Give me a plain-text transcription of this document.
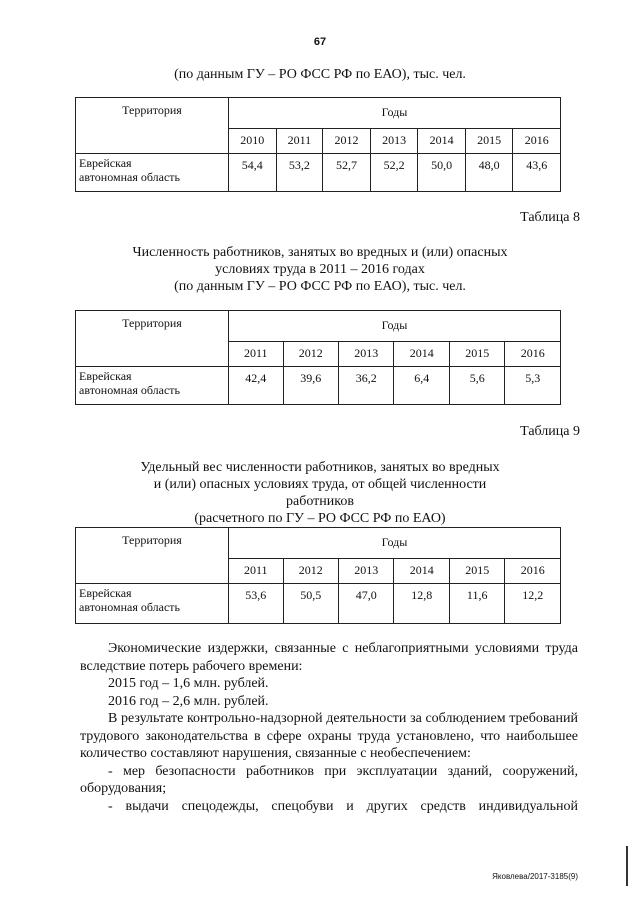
67
(по данным ГУ – РО ФСС РФ по ЕАО), тыс. чел.
Территория	Годы						
	2010	2011	2012	2013	2014	2015	2016
Еврейская
автономная область	54,4	53,2	52,7	52,2	50,0	48,0	43,6
Таблица 8
Численность работников, занятых во вредных и (или) опасных
условиях труда в 2011 – 2016 годах
(по данным ГУ – РО ФСС РФ по ЕАО), тыс. чел.
Территория	Годы					
	2011	2012	2013	2014	2015	2016
Еврейская
автономная область	42,4	39,6	36,2	6,4	5,6	5,3
Таблица 9
Удельный вес численности работников, занятых во вредных
и (или) опасных условиях труда, от общей численности
работников
(расчетного по ГУ – РО ФСС РФ по ЕАО)
Территория	Годы					
	2011	2012	2013	2014	2015	2016
Еврейская
автономная область	53,6	50,5	47,0	12,8	11,6	12,2

Экономические издержки, связанные с неблагоприятными условиями труда вследствие потерь рабочего времени:

2015 год – 1,6 млн. рублей.

2016 год – 2,6 млн. рублей.

В результате контрольно-надзорной деятельности за соблюдением требований трудового законодательства в сфере охраны труда установлено, что наибольшее количество составляют нарушения, связанные с необеспечением:

- мер безопасности работников при эксплуатации зданий, сооружений, оборудования;

- выдачи спецодежды, спецобуви и других средств индивидуальной

Яковлева/2017-3185(9)
